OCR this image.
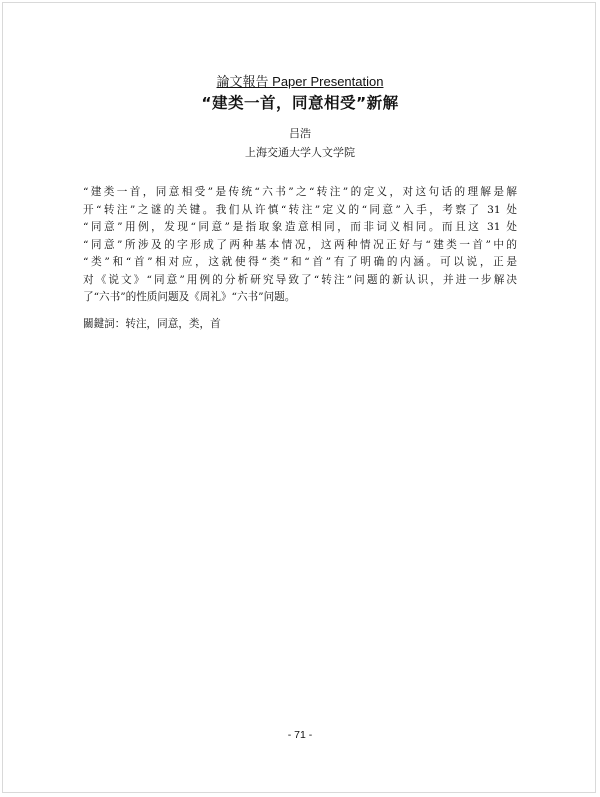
論文報告 Paper Presentation
“建类一首，同意相受”新解
吕浩
上海交通大学人文学院
“建类一首，同意相受”是传统“六书”之“转注”的定义，对这句话的理解是解
开“转注”之谜的关键。我们从许慎“转注”定义的“同意”入手，考察了 31 处
“同意”用例，发现“同意”是指取象造意相同，而非词义相同。而且这 31 处
“同意”所涉及的字形成了两种基本情况，这两种情况正好与“建类一首”中的
“类”和“首”相对应，这就使得“类”和“首”有了明确的内涵。可以说，正是
对《说文》“同意”用例的分析研究导致了“转注”问题的新认识，并进一步解决
了“六书”的性质问题及《周礼》“六书”问题。
關鍵詞：转注，同意，类，首
- 71 -
